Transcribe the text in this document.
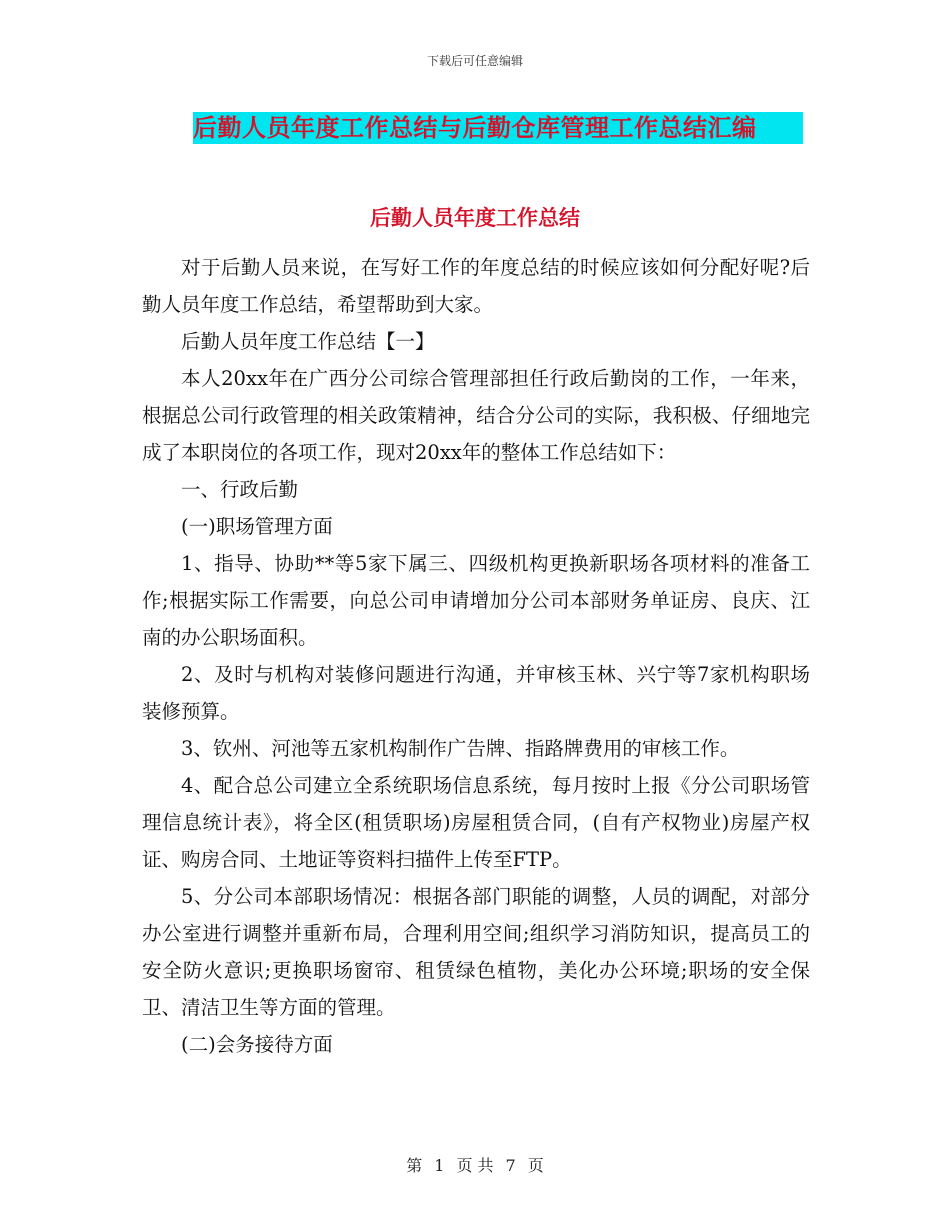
下载后可任意编辑
后勤人员年度工作总结与后勤仓库管理工作总结汇编
后勤人员年度工作总结

对于后勤人员来说，在写好工作的年度总结的时候应该如何分配好呢?后勤人员年度工作总结，希望帮助到大家。

后勤人员年度工作总结【一】

本人20xx年在广西分公司综合管理部担任行政后勤岗的工作，一年来，根据总公司行政管理的相关政策精神，结合分公司的实际，我积极、仔细地完成了本职岗位的各项工作，现对20xx年的整体工作总结如下：

一、行政后勤

(一)职场管理方面

1、指导、协助**等5家下属三、四级机构更换新职场各项材料的准备工作;根据实际工作需要，向总公司申请增加分公司本部财务单证房、良庆、江南的办公职场面积。

2、及时与机构对装修问题进行沟通，并审核玉林、兴宁等7家机构职场装修预算。

3、钦州、河池等五家机构制作广告牌、指路牌费用的审核工作。

4、配合总公司建立全系统职场信息系统，每月按时上报《分公司职场管理信息统计表》，将全区(租赁职场)房屋租赁合同，(自有产权物业)房屋产权证、购房合同、土地证等资料扫描件上传至FTP。

5、分公司本部职场情况：根据各部门职能的调整，人员的调配，对部分办公室进行调整并重新布局，合理利用空间;组织学习消防知识，提高员工的安全防火意识;更换职场窗帘、租赁绿色植物，美化办公环境;职场的安全保卫、清洁卫生等方面的管理。

(二)会务接待方面

第 1 页 共 7 页
